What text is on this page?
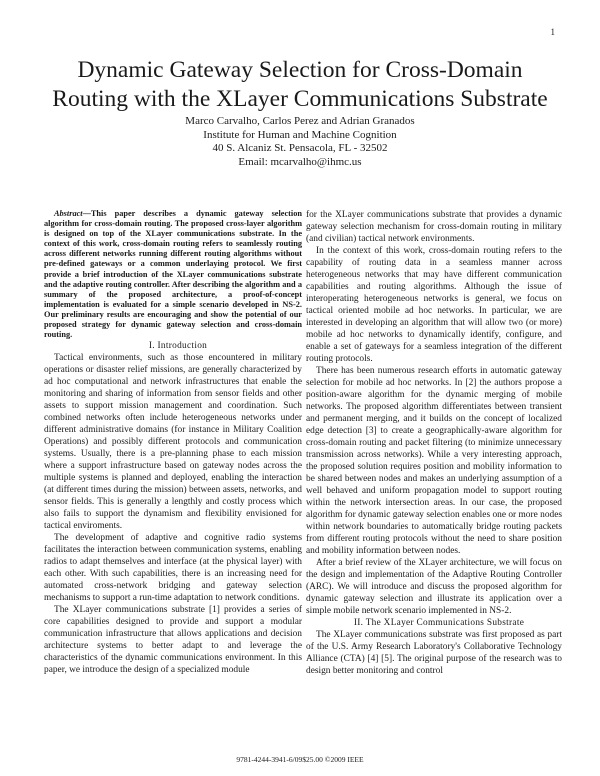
1
Dynamic Gateway Selection for Cross-Domain
Routing with the XLayer Communications Substrate
Marco Carvalho, Carlos Perez and Adrian Granados
Institute for Human and Machine Cognition
40 S. Alcaniz St. Pensacola, FL - 32502
Email: mcarvalho@ihmc.us

Abstract—This paper describes a dynamic gateway selection algorithm for cross-domain routing. The proposed cross-layer algorithm is designed on top of the XLayer communications substrate. In the context of this work, cross-domain routing refers to seamlessly routing across different networks running different routing algorithms without pre-defined gateways or a common underlaying protocol. We first provide a brief introduction of the XLayer communications substrate and the adaptive routing controller. After describing the algorithm and a summary of the proposed architecture, a proof-of-concept implementation is evaluated for a simple scenario developed in NS-2. Our preliminary results are encouraging and show the potential of our proposed strategy for dynamic gateway selection and cross-domain routing.

I. Introduction

Tactical environments, such as those encountered in military operations or disaster relief missions, are generally characterized by ad hoc computational and network infrastructures that enable the monitoring and sharing of information from sensor fields and other assets to support mission management and coordination. Such combined networks often include heterogeneous networks under different administrative domains (for instance in Military Coalition Operations) and possibly different protocols and communication systems. Usually, there is a pre-planning phase to each mission where a support infrastructure based on gateway nodes across the multiple systems is planned and deployed, enabling the interaction (at different times during the mission) between assets, networks, and sensor fields. This is generally a lengthly and costly process which also fails to support the dynamism and flexibility envisioned for tactical enviroments.

The development of adaptive and cognitive radio systems facilitates the interaction between communication systems, enabling radios to adapt themselves and interface (at the physical layer) with each other. With such capabilities, there is an increasing need for automated cross-network bridging and gateway selection mechanisms to support a run-time adaptation to network conditions.

The XLayer communications substrate [1] provides a series of core capabilities designed to provide and support a modular communication infrastructure that allows applications and decision architecture systems to better adapt to and leverage the characteristics of the dynamic communications environment. In this paper, we introduce the design of a specialized module

for the XLayer communications substrate that provides a dynamic gateway selection mechanism for cross-domain routing in military (and civilian) tactical network environments.

In the context of this work, cross-domain routing refers to the capability of routing data in a seamless manner across heterogeneous networks that may have different communication capabilities and routing algorithms. Although the issue of interoperating heterogeneous networks is general, we focus on tactical oriented mobile ad hoc networks. In particular, we are interested in developing an algorithm that will allow two (or more) mobile ad hoc networks to dynamically identify, configure, and enable a set of gateways for a seamless integration of the different routing protocols.

There has been numerous research efforts in automatic gateway selection for mobile ad hoc networks. In [2] the authors propose a position-aware algorithm for the dynamic merging of mobile networks. The proposed algorithm differentiates between transient and permanent merging, and it builds on the concept of localized edge detection [3] to create a geographically-aware algorithm for cross-domain routing and packet filtering (to minimize unnecessary transmission across networks). While a very interesting approach, the proposed solution requires position and mobility information to be shared between nodes and makes an underlying assumption of a well behaved and uniform propagation model to support routing within the network intersection areas. In our case, the proposed algorithm for dynamic gateway selection enables one or more nodes within network boundaries to automatically bridge routing packets from different routing protocols without the need to share position and mobility information between nodes.

After a brief review of the XLayer architecture, we will focus on the design and implementation of the Adaptive Routing Controller (ARC). We will introduce and discuss the proposed algorithm for dynamic gateway selection and illustrate its application over a simple mobile network scenario implemented in NS-2.

II. The XLayer Communications Substrate

The XLayer communications substrate was first proposed as part of the U.S. Army Research Laboratory's Collaborative Technology Alliance (CTA) [4] [5]. The original purpose of the research was to design better monitoring and control

9781-4244-3941-6/09$25.00 ©2009 IEEE
